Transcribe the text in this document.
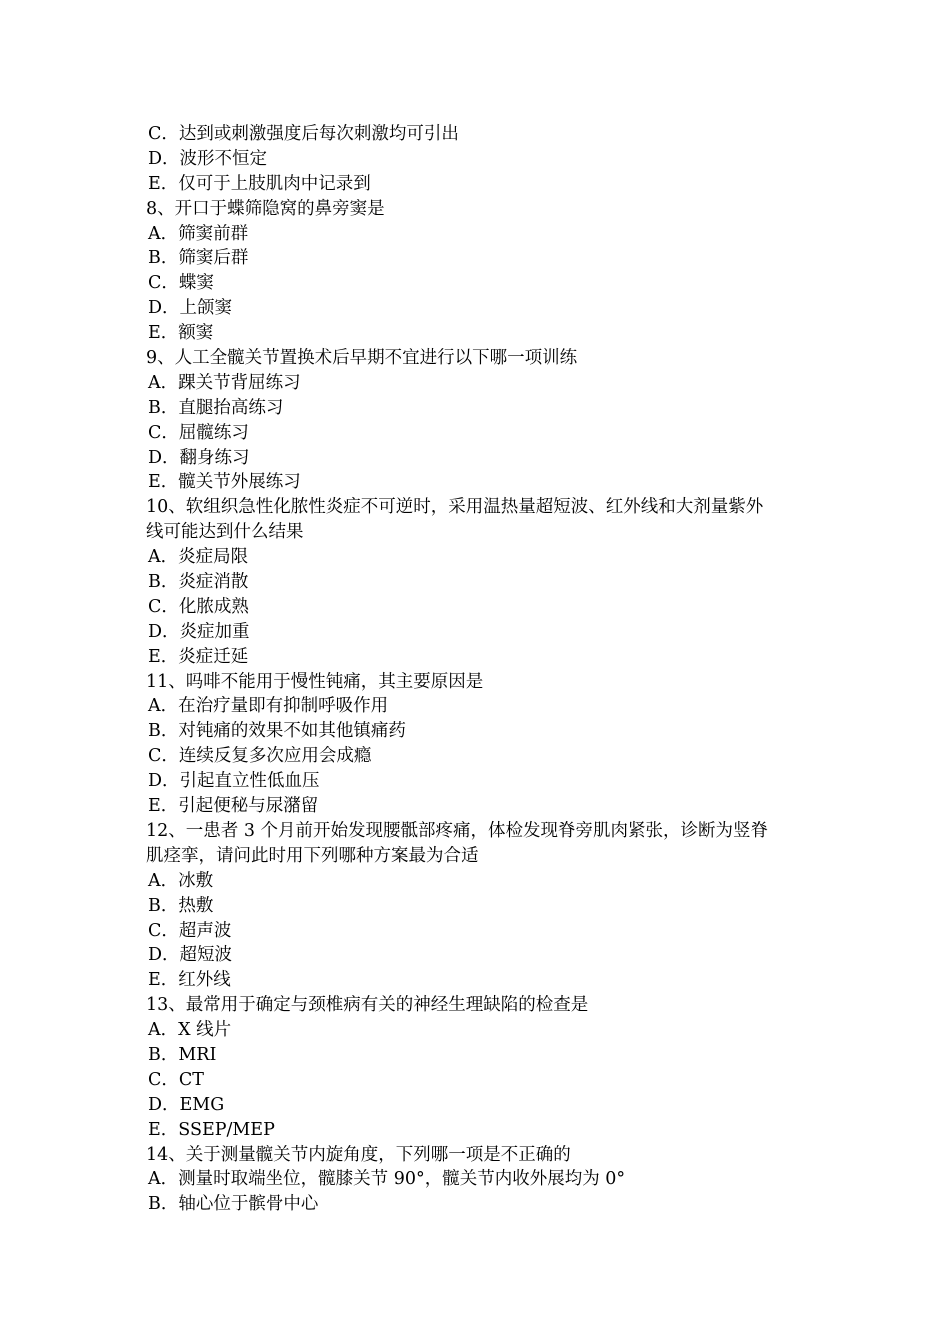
C．达到或刺激强度后每次刺激均可引出
D．波形不恒定
E．仅可于上肢肌肉中记录到
8、开口于蝶筛隐窝的鼻旁窦是
A．筛窦前群
B．筛窦后群
C．蝶窦
D．上颌窦
E．额窦
9、人工全髋关节置换术后早期不宜进行以下哪一项训练
A．踝关节背屈练习
B．直腿抬高练习
C．屈髋练习
D．翻身练习
E．髋关节外展练习
10、软组织急性化脓性炎症不可逆时，采用温热量超短波、红外线和大剂量紫外
线可能达到什么结果
A．炎症局限
B．炎症消散
C．化脓成熟
D．炎症加重
E．炎症迁延
11、吗啡不能用于慢性钝痛，其主要原因是
A．在治疗量即有抑制呼吸作用
B．对钝痛的效果不如其他镇痛药
C．连续反复多次应用会成瘾
D．引起直立性低血压
E．引起便秘与尿潴留
12、一患者 3 个月前开始发现腰骶部疼痛，体检发现脊旁肌肉紧张，诊断为竖脊
肌痉挛，请问此时用下列哪种方案最为合适
A．冰敷
B．热敷
C．超声波
D．超短波
E．红外线
13、最常用于确定与颈椎病有关的神经生理缺陷的检查是
A．X 线片
B．MRI
C．CT
D．EMG
E．SSEP/MEP
14、关于测量髋关节内旋角度，下列哪一项是不正确的
A．测量时取端坐位，髋膝关节 90°，髋关节内收外展均为 0°
B．轴心位于髌骨中心
